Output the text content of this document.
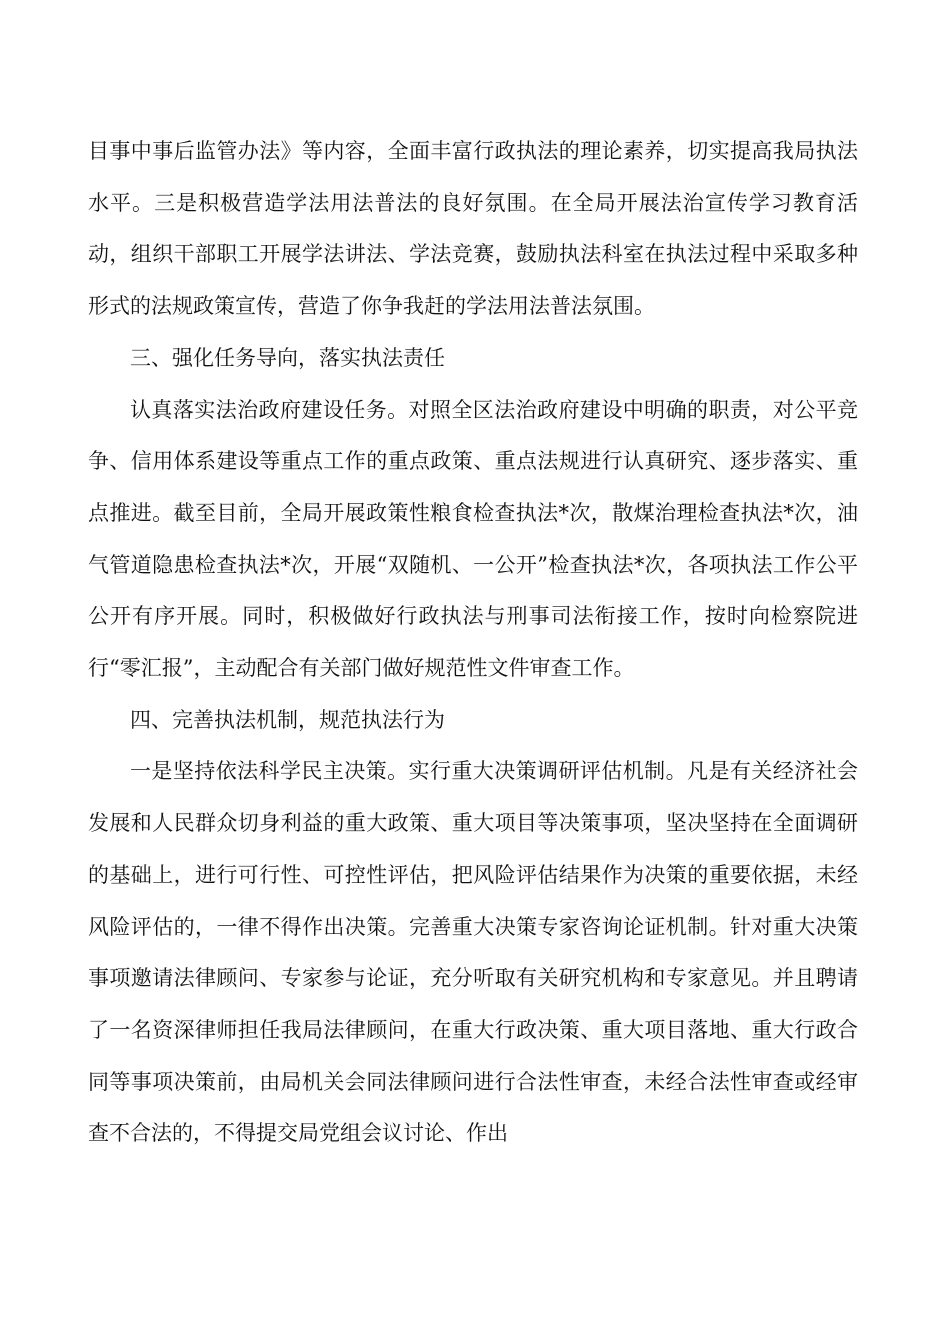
目事中事后监管办法》等内容，全面丰富行政执法的理论素养，切实提高我局执法水平。三是积极营造学法用法普法的良好氛围。在全局开展法治宣传学习教育活动，组织干部职工开展学法讲法、学法竞赛，鼓励执法科室在执法过程中采取多种形式的法规政策宣传，营造了你争我赶的学法用法普法氛围。

三、强化任务导向，落实执法责任

认真落实法治政府建设任务。对照全区法治政府建设中明确的职责，对公平竞争、信用体系建设等重点工作的重点政策、重点法规进行认真研究、逐步落实、重点推进。截至目前，全局开展政策性粮食检查执法*次，散煤治理检查执法*次，油气管道隐患检查执法*次，开展“双随机、一公开”检查执法*次，各项执法工作公平公开有序开展。同时，积极做好行政执法与刑事司法衔接工作，按时向检察院进行“零汇报”，主动配合有关部门做好规范性文件审查工作。

四、完善执法机制，规范执法行为

一是坚持依法科学民主决策。实行重大决策调研评估机制。凡是有关经济社会发展和人民群众切身利益的重大政策、重大项目等决策事项，坚决坚持在全面调研的基础上，进行可行性、可控性评估，把风险评估结果作为决策的重要依据，未经风险评估的，一律不得作出决策。完善重大决策专家咨询论证机制。针对重大决策事项邀请法律顾问、专家参与论证，充分听取有关研究机构和专家意见。并且聘请了一名资深律师担任我局法律顾问，在重大行政决策、重大项目落地、重大行政合同等事项决策前，由局机关会同法律顾问进行合法性审查，未经合法性审查或经审查不合法的，不得提交局党组会议讨论、作出
